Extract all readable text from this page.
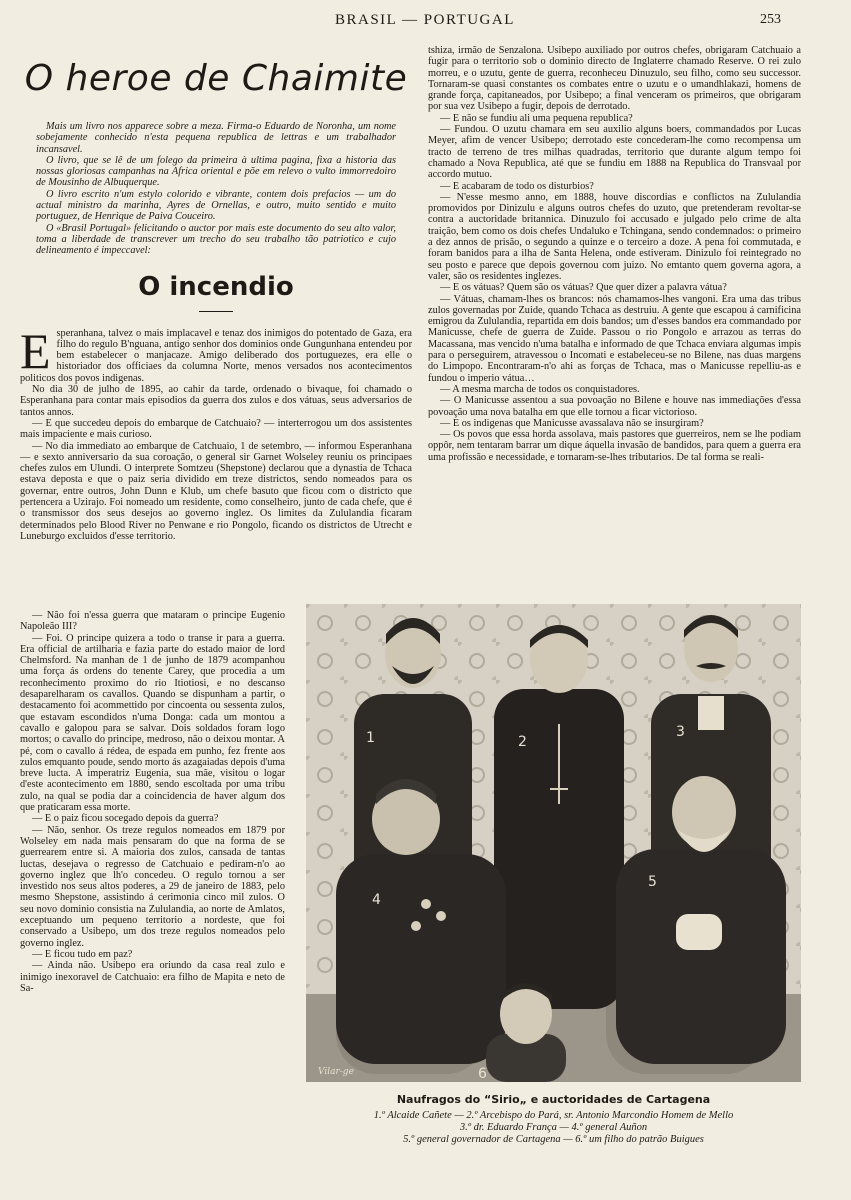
BRASIL — PORTUGAL	253
O heroe de Chaimite

Mais um livro nos apparece sobre a meza. Firma-o Eduardo de Noronha, um nome sobejamente conhecido n'esta pequena republica de lettras e um trabalhador incansavel.

O livro, que se lê de um folego da primeira à ultima pagina, fixa a historia das nossas gloriosas campanhas na Africa oriental e põe em relevo o vulto immorredoiro de Mousinho de Albuquerque.

O livro escrito n'um estylo colorido e vibrante, contem dois prefacios — um do actual ministro da marinha, Ayres de Ornellas, e outro, muito sentido e muito portuguez, de Henrique de Paiva Couceiro.

O «Brasil Portugal» felicitando o auctor por mais este documento do seu alto valor, toma a liberdade de transcrever um trecho do seu trabalho tão patriotico e cujo delineamento é impeccavel:

O incendio

Esperanhana, talvez o mais implacavel e tenaz dos inimigos do potentado de Gaza, era filho do regulo B'nguana, antigo senhor dos dominios onde Gungunhana entendeu por bem estabelecer o manjacaze. Amigo deliberado dos portuguezes, era elle o historiador dos officiaes da columna Norte, menos versados nos acontecimentos politicos dos povos indigenas.

No dia 30 de julho de 1895, ao cahir da tarde, ordenado o bivaque, foi chamado o Esperanhana para contar mais episodios da guerra dos zulos e dos vátuas, seus adversarios de tantos annos.

— E que succedeu depois do embarque de Catchuaio? — interterrogou um dos assistentes mais impaciente e mais curioso.

— No dia immediato ao embarque de Catchuaio, 1 de setembro, — informou Esperanhana — e sexto anniversario da sua coroação, o general sir Garnet Wolseley reuniu os principaes chefes zulos em Ulundi. O interprete Somtzeu (Shepstone) declarou que a dynastia de Tchaca estava deposta e que o paiz seria dividido em treze districtos, sendo nomeados para os governar, entre outros, John Dunn e Klub, um chefe basuto que ficou com o districto que pertencera a Uzirajo. Foi nomeado um residente, como conselheiro, junto de cada chefe, que é o transmissor dos seus desejos ao governo inglez. Os limites da Zululandia ficaram determinados pelo Blood River no Penwane e rio Pongolo, ficando os districtos de Utrecht e Luneburgo excluidos d'esse territorio.

— Não foi n'essa guerra que mataram o principe Eugenio Napoleão III?

— Foi. O principe quizera a todo o transe ir para a guerra. Era official de artilharia e fazia parte do estado maior de lord Chelmsford. Na manhan de 1 de junho de 1879 acompanhou uma força ás ordens do tenente Carey, que procedia a um reconhecimento proximo do rio Itiotiosi, e no descanso desaparelharam os cavallos. Quando se dispunham a partir, o destacamento foi acommettido por cincoenta ou sessenta zulos, que estavam escondidos n'uma Donga: cada um montou a cavallo e galopou para se salvar. Dois soldados foram logo mortos; o cavallo do principe, medroso, não o deixou montar. A pé, com o cavallo á rédea, de espada em punho, fez frente aos zulos emquanto poude, sendo morto ás azagaiadas depois d'uma breve lucta. A imperatriz Eugenia, sua mãe, visitou o logar d'este acontecimento em 1880, sendo escoltada por uma tribu zulo, na qual se podia dar a coincidencia de haver algum dos que praticaram essa morte.

— E o paiz ficou socegado depois da guerra?

— Não, senhor. Os treze regulos nomeados em 1879 por Wolseley em nada mais pensaram do que na forma de se guerrearem entre si. A maioria dos zulos, cansada de tantas luctas, desejava o regresso de Catchuaio e pediram-n'o ao governo inglez que lh'o concedeu. O regulo tornou a ser investido nos seus altos poderes, a 29 de janeiro de 1883, pelo mesmo Shepstone, assistindo á cerimonia cinco mil zulos. O seu novo dominio consistia na Zululandia, ao norte de Amlatos, exceptuando um pequeno territorio a nordeste, que foi conservado a Usibepo, um dos treze regulos nomeados pelo governo inglez.

— E ficou tudo em paz?

— Ainda não. Usibepo era oriundo da casa real zulo e inimigo inexoravel de Catchuaio: era filho de Mapita e neto de Sa-

tshiza, irmão de Senzalona. Usibepo auxiliado por outros chefes, obrigaram Catchuaio a fugir para o territorio sob o dominio directo de Inglaterre chamado Reserve. O rei zulo morreu, e o uzutu, gente de guerra, reconheceu Dinuzulo, seu filho, como seu successor. Tornaram-se quasi constantes os combates entre o uzutu e o umandhlakazi, homens de grande força, capitaneados, por Usibepo; a final venceram os primeiros, que obrigaram por sua vez Usibepo a fugir, depois de derrotado.

— E não se fundiu ali uma pequena republica?

— Fundou. O uzutu chamara em seu auxilio alguns boers, commandados por Lucas Meyer, afim de vencer Usibepo; derrotado este concederam-lhe como recompensa um tracto de terreno de tres milhas quadradas, territorio que durante algum tempo foi chamado a Nova Republica, até que se fundiu em 1888 na Republica do Transvaal por accordo mutuo.

— E acabaram de todo os disturbios?

— N'esse mesmo anno, em 1888, houve discordias e conflictos na Zululandia promovidos por Dinizulu e alguns outros chefes do uzuto, que pretenderam revoltar-se contra a auctoridade britannica. Dinuzulo foi accusado e julgado pelo crime de alta traição, bem como os dois chefes Undaluko e Tchingana, sendo condemnados: o primeiro a dez annos de prisão, o segundo a quinze e o terceiro a doze. A pena foi commutada, e foram banidos para a ilha de Santa Helena, onde estiveram. Dinizulo foi reintegrado no seu posto e parece que depois governou com juizo. No emtanto quem governa agora, a valer, são os residentes inglezes.

— E os vátuas? Quem são os vátuas? Que quer dizer a palavra vátua?

— Vátuas, chamam-lhes os brancos: nós chamamos-lhes vangoni. Era uma das tribus zulos governadas por Zuide, quando Tchaca as destruiu. A gente que escapou á carnificina emigrou da Zululandia, repartida em dois bandos; um d'esses bandos era commandado por Manicusse, chefe de guerra de Zuide. Passou o rio Pongolo e arrazou as terras do Macassana, mas vencido n'uma batalha e informado de que Tchaca enviara algumas impis para o perseguirem, atravessou o Incomati e estabeleceu-se no Bilene, nas duas margens do Limpopo. Encontraram-n'o ahi as forças de Tchaca, mas o Manicusse repelliu-as e fundou o imperio vátua…

— A mesma marcha de todos os conquistadores.

— O Manicusse assentou a sua povoação no Bilene e houve nas immediações d'essa povoação uma nova batalha em que elle tornou a ficar victorioso.

— E os indigenas que Manicusse avassalava não se insurgiram?

— Os povos que essa horda assolava, mais pastores que guerreiros, nem se lhe podiam oppôr, nem tentaram barrar um dique áquella invasão de bandidos, para quem a guerra era uma profissão e necessidade, e tornaram-se-lhes tributarios. De tal forma se reali-

1	2
3
4
5
6
Vilar-ge
Naufragos do “Sirio„ e auctoridades de Cartagena
1.º Alcaide Cañete — 2.º Arcebispo do Pará, sr. Antonio Marcondio Homem de Mello
3.º dr. Eduardo França — 4.º general Auñon
5.º general governador de Cartagena — 6.º um filho do patrão Buigues
